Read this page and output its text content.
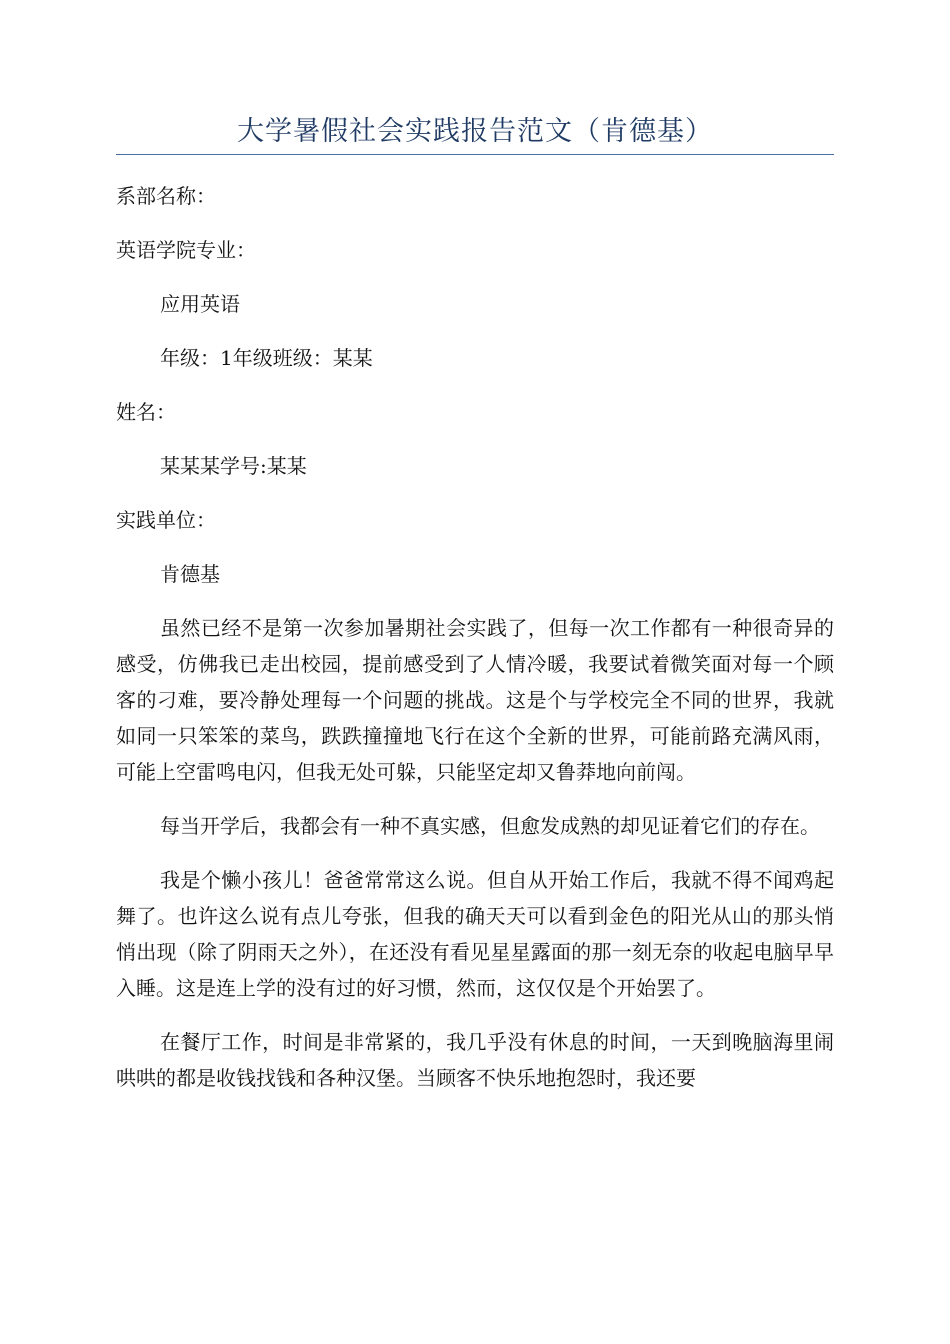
大学暑假社会实践报告范文（肯德基）

系部名称：

英语学院专业：

应用英语

年级：1年级班级：某某

姓名：

某某某学号:某某

实践单位：

肯德基

虽然已经不是第一次参加暑期社会实践了，但每一次工作都有一种很奇异的感受，仿佛我已走出校园，提前感受到了人情冷暖，我要试着微笑面对每一个顾客的刁难，要冷静处理每一个问题的挑战。这是个与学校完全不同的世界，我就如同一只笨笨的菜鸟，跌跌撞撞地飞行在这个全新的世界，可能前路充满风雨，可能上空雷鸣电闪，但我无处可躲，只能坚定却又鲁莽地向前闯。

每当开学后，我都会有一种不真实感，但愈发成熟的却见证着它们的存在。

我是个懒小孩儿！爸爸常常这么说。但自从开始工作后，我就不得不闻鸡起舞了。也许这么说有点儿夸张，但我的确天天可以看到金色的阳光从山的那头悄悄出现（除了阴雨天之外），在还没有看见星星露面的那一刻无奈的收起电脑早早入睡。这是连上学的没有过的好习惯，然而，这仅仅是个开始罢了。

在餐厅工作，时间是非常紧的，我几乎没有休息的时间，一天到晚脑海里闹哄哄的都是收钱找钱和各种汉堡。当顾客不快乐地抱怨时，我还要
